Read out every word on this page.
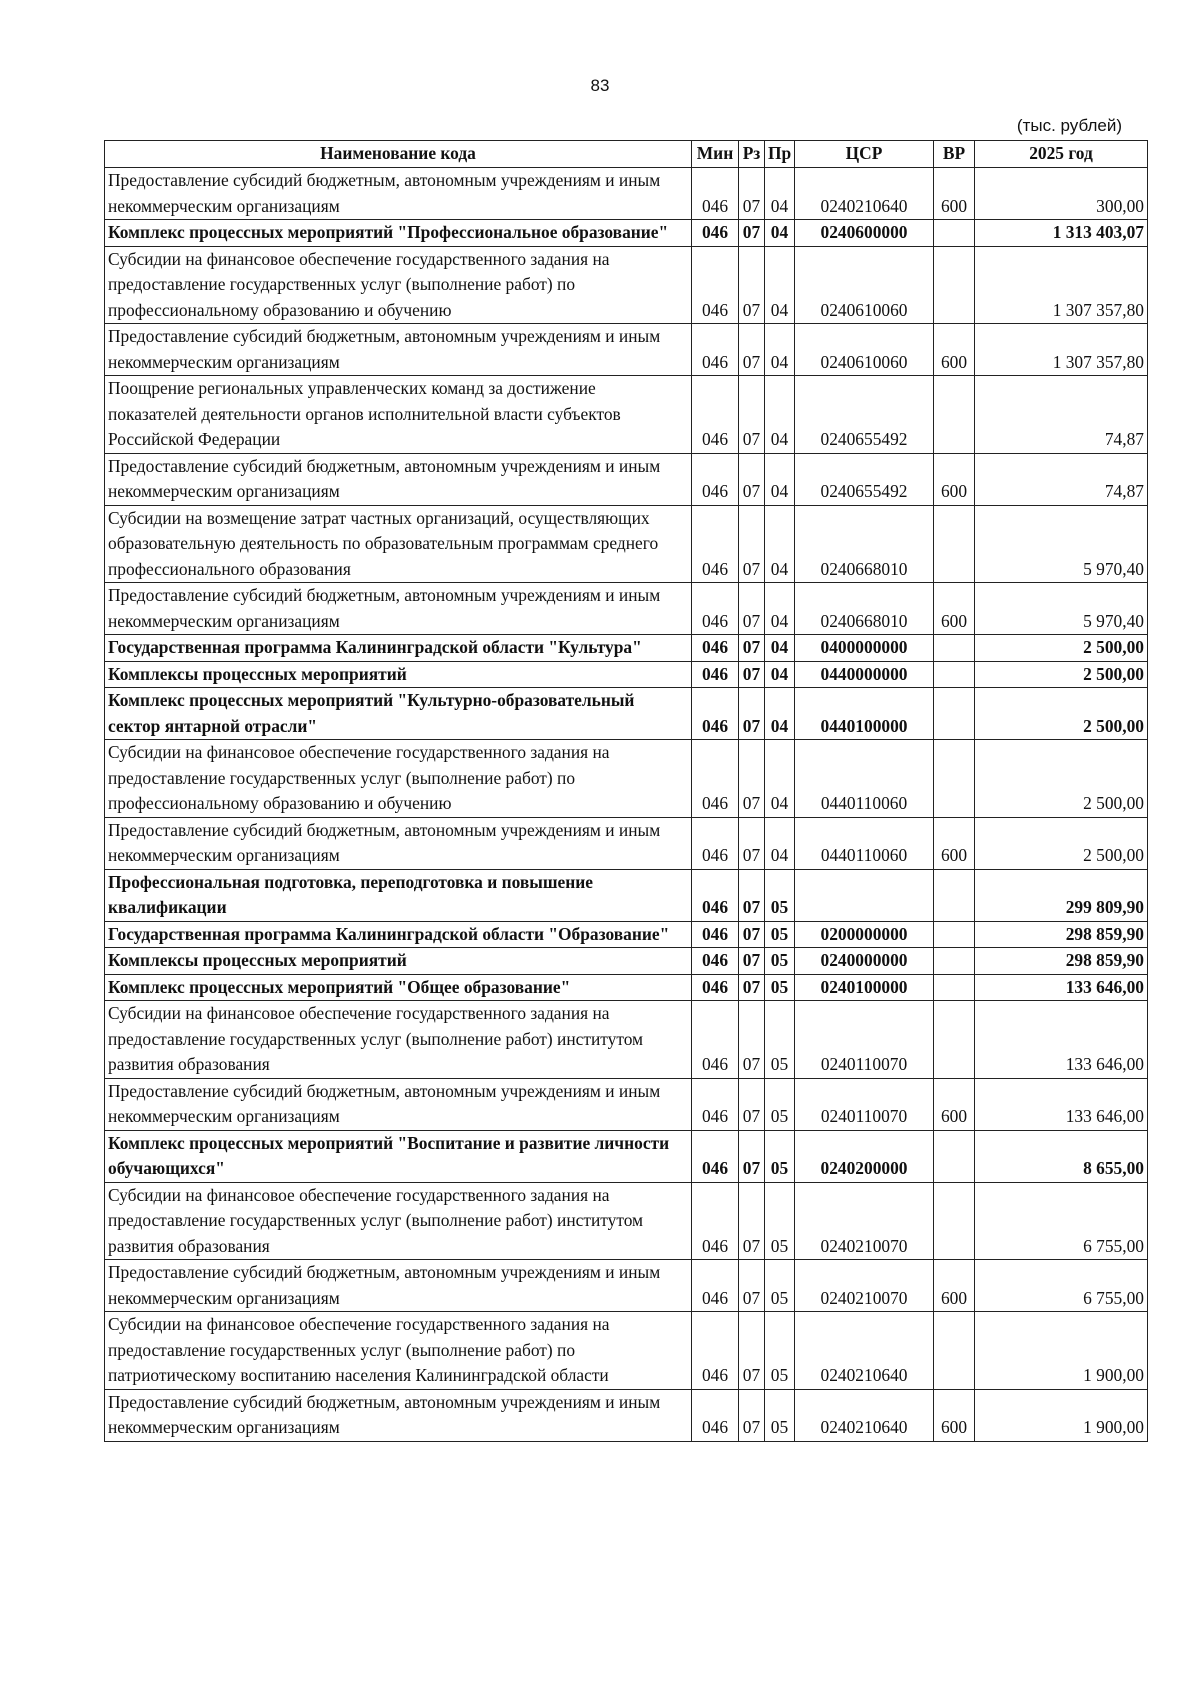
83
(тыс. рублей)
Наименование кода	Мин	Рз	Пр	ЦСР	ВР	2025 год
Предоставление субсидий бюджетным, автономным учреждениям и иным некоммерческим организациям	046	07	04	0240210640	600	300,00
Комплекс процессных мероприятий "Профессиональное образование"	046	07	04	0240600000		1 313 403,07
Субсидии на финансовое обеспечение государственного задания на предоставление государственных услуг (выполнение работ) по профессиональному образованию и обучению	046	07	04	0240610060		1 307 357,80
Предоставление субсидий бюджетным, автономным учреждениям и иным некоммерческим организациям	046	07	04	0240610060	600	1 307 357,80
Поощрение региональных управленческих команд за достижение показателей деятельности органов исполнительной власти субъектов Российской Федерации	046	07	04	0240655492		74,87
Предоставление субсидий бюджетным, автономным учреждениям и иным некоммерческим организациям	046	07	04	0240655492	600	74,87
Субсидии на возмещение затрат частных организаций, осуществляющих образовательную деятельность по образовательным программам среднего профессионального образования	046	07	04	0240668010		5 970,40
Предоставление субсидий бюджетным, автономным учреждениям и иным некоммерческим организациям	046	07	04	0240668010	600	5 970,40
Государственная программа Калининградской области "Культура"	046	07	04	0400000000		2 500,00
Комплексы процессных мероприятий	046	07	04	0440000000		2 500,00
Комплекс процессных мероприятий "Культурно-образовательный сектор янтарной отрасли"	046	07	04	0440100000		2 500,00
Субсидии на финансовое обеспечение государственного задания на предоставление государственных услуг (выполнение работ) по профессиональному образованию и обучению	046	07	04	0440110060		2 500,00
Предоставление субсидий бюджетным, автономным учреждениям и иным некоммерческим организациям	046	07	04	0440110060	600	2 500,00
Профессиональная подготовка, переподготовка и повышение квалификации	046	07	05			299 809,90
Государственная программа Калининградской области "Образование"	046	07	05	0200000000		298 859,90
Комплексы процессных мероприятий	046	07	05	0240000000		298 859,90
Комплекс процессных мероприятий "Общее образование"	046	07	05	0240100000		133 646,00
Субсидии на финансовое обеспечение государственного задания на предоставление государственных услуг (выполнение работ) институтом развития образования	046	07	05	0240110070		133 646,00
Предоставление субсидий бюджетным, автономным учреждениям и иным некоммерческим организациям	046	07	05	0240110070	600	133 646,00
Комплекс процессных мероприятий "Воспитание и развитие личности обучающихся"	046	07	05	0240200000		8 655,00
Субсидии на финансовое обеспечение государственного задания на предоставление государственных услуг (выполнение работ) институтом развития образования	046	07	05	0240210070		6 755,00
Предоставление субсидий бюджетным, автономным учреждениям и иным некоммерческим организациям	046	07	05	0240210070	600	6 755,00
Субсидии на финансовое обеспечение государственного задания на предоставление государственных услуг (выполнение работ) по патриотическому воспитанию населения Калининградской области	046	07	05	0240210640		1 900,00
Предоставление субсидий бюджетным, автономным учреждениям и иным некоммерческим организациям	046	07	05	0240210640	600	1 900,00
